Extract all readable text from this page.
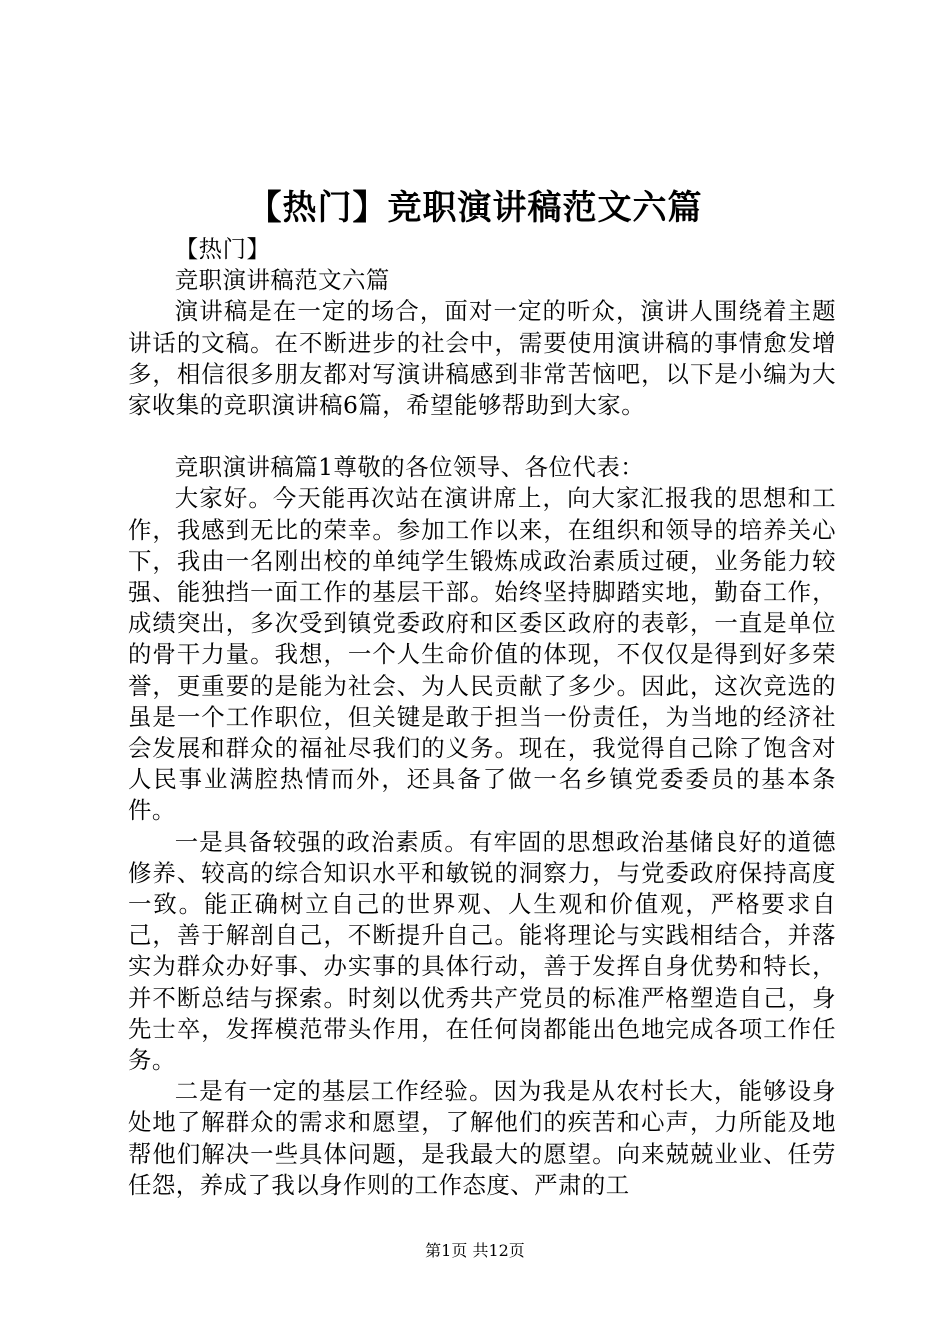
【热门】竞职演讲稿范文六篇

【热门】

竞职演讲稿范文六篇

演讲稿是在一定的场合，面对一定的听众，演讲人围绕着主题讲话的文稿。在不断进步的社会中，需要使用演讲稿的事情愈发增多，相信很多朋友都对写演讲稿感到非常苦恼吧，以下是小编为大家收集的竞职演讲稿6篇，希望能够帮助到大家。

竞职演讲稿篇1尊敬的各位领导、各位代表：

大家好。今天能再次站在演讲席上，向大家汇报我的思想和工作，我感到无比的荣幸。参加工作以来，在组织和领导的培养关心下，我由一名刚出校的单纯学生锻炼成政治素质过硬，业务能力较强、能独挡一面工作的基层干部。始终坚持脚踏实地，勤奋工作，成绩突出，多次受到镇党委政府和区委区政府的表彰，一直是单位的骨干力量。我想，一个人生命价值的体现，不仅仅是得到好多荣誉，更重要的是能为社会、为人民贡献了多少。因此，这次竞选的虽是一个工作职位，但关键是敢于担当一份责任，为当地的经济社会发展和群众的福祉尽我们的义务。现在，我觉得自己除了饱含对人民事业满腔热情而外，还具备了做一名乡镇党委委员的基本条件。

一是具备较强的政治素质。有牢固的思想政治基储良好的道德修养、较高的综合知识水平和敏锐的洞察力，与党委政府保持高度一致。能正确树立自己的世界观、人生观和价值观，严格要求自己，善于解剖自己，不断提升自己。能将理论与实践相结合，并落实为群众办好事、办实事的具体行动，善于发挥自身优势和特长，并不断总结与探索。时刻以优秀共产党员的标准严格塑造自己，身先士卒，发挥模范带头作用，在任何岗都能出色地完成各项工作任务。

二是有一定的基层工作经验。因为我是从农村长大，能够设身处地了解群众的需求和愿望，了解他们的疾苦和心声，力所能及地帮他们解决一些具体问题，是我最大的愿望。向来兢兢业业、任劳任怨，养成了我以身作则的工作态度、严肃的工

第1页 共12页
